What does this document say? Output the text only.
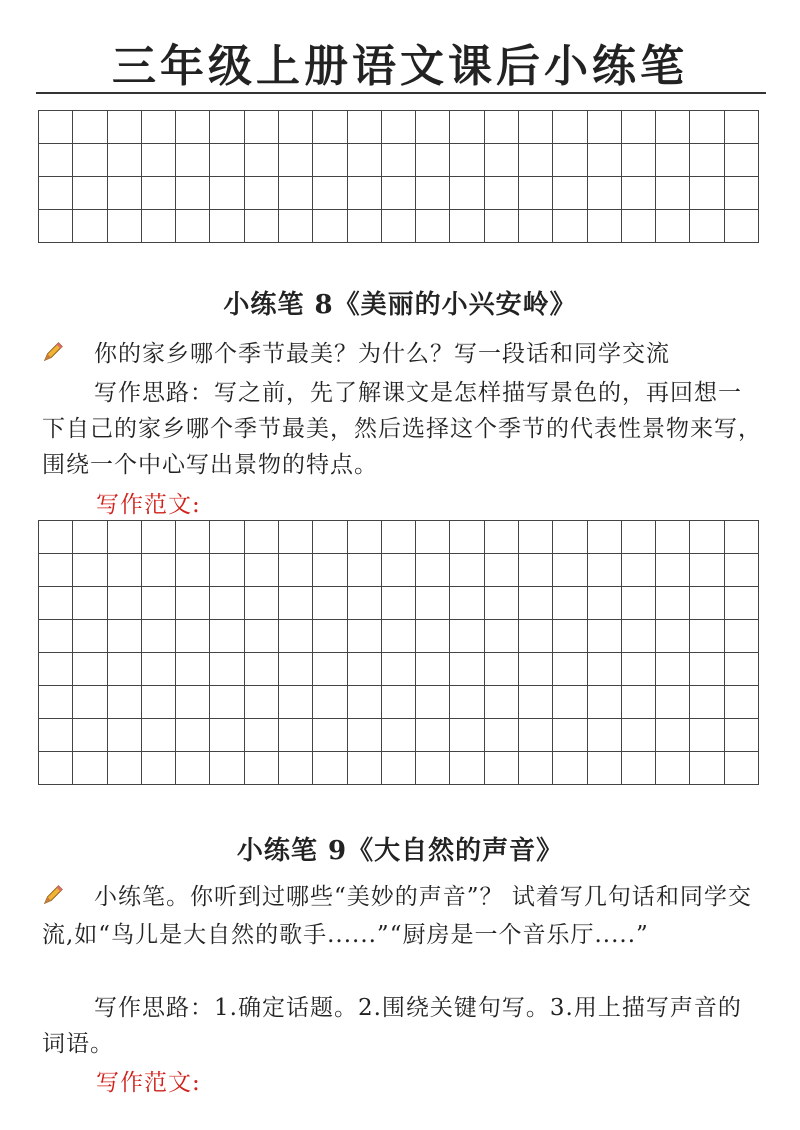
三年级上册语文课后小练笔
小练笔 8《美丽的小兴安岭》
你的家乡哪个季节最美？为什么？写一段话和同学交流
写作思路：写之前，先了解课文是怎样描写景色的，再回想一下自己的家乡哪个季节最美，然后选择这个季节的代表性景物来写，围绕一个中心写出景物的特点。
写作范文:
小练笔 9《大自然的声音》
小练笔。你听到过哪些“美妙的声音”？ 试着写几句话和同学交流,如“鸟儿是大自然的歌手......”“厨房是一个音乐厅.....”
写作思路：1.确定话题。2.围绕关键句写。3.用上描写声音的词语。
写作范文:
